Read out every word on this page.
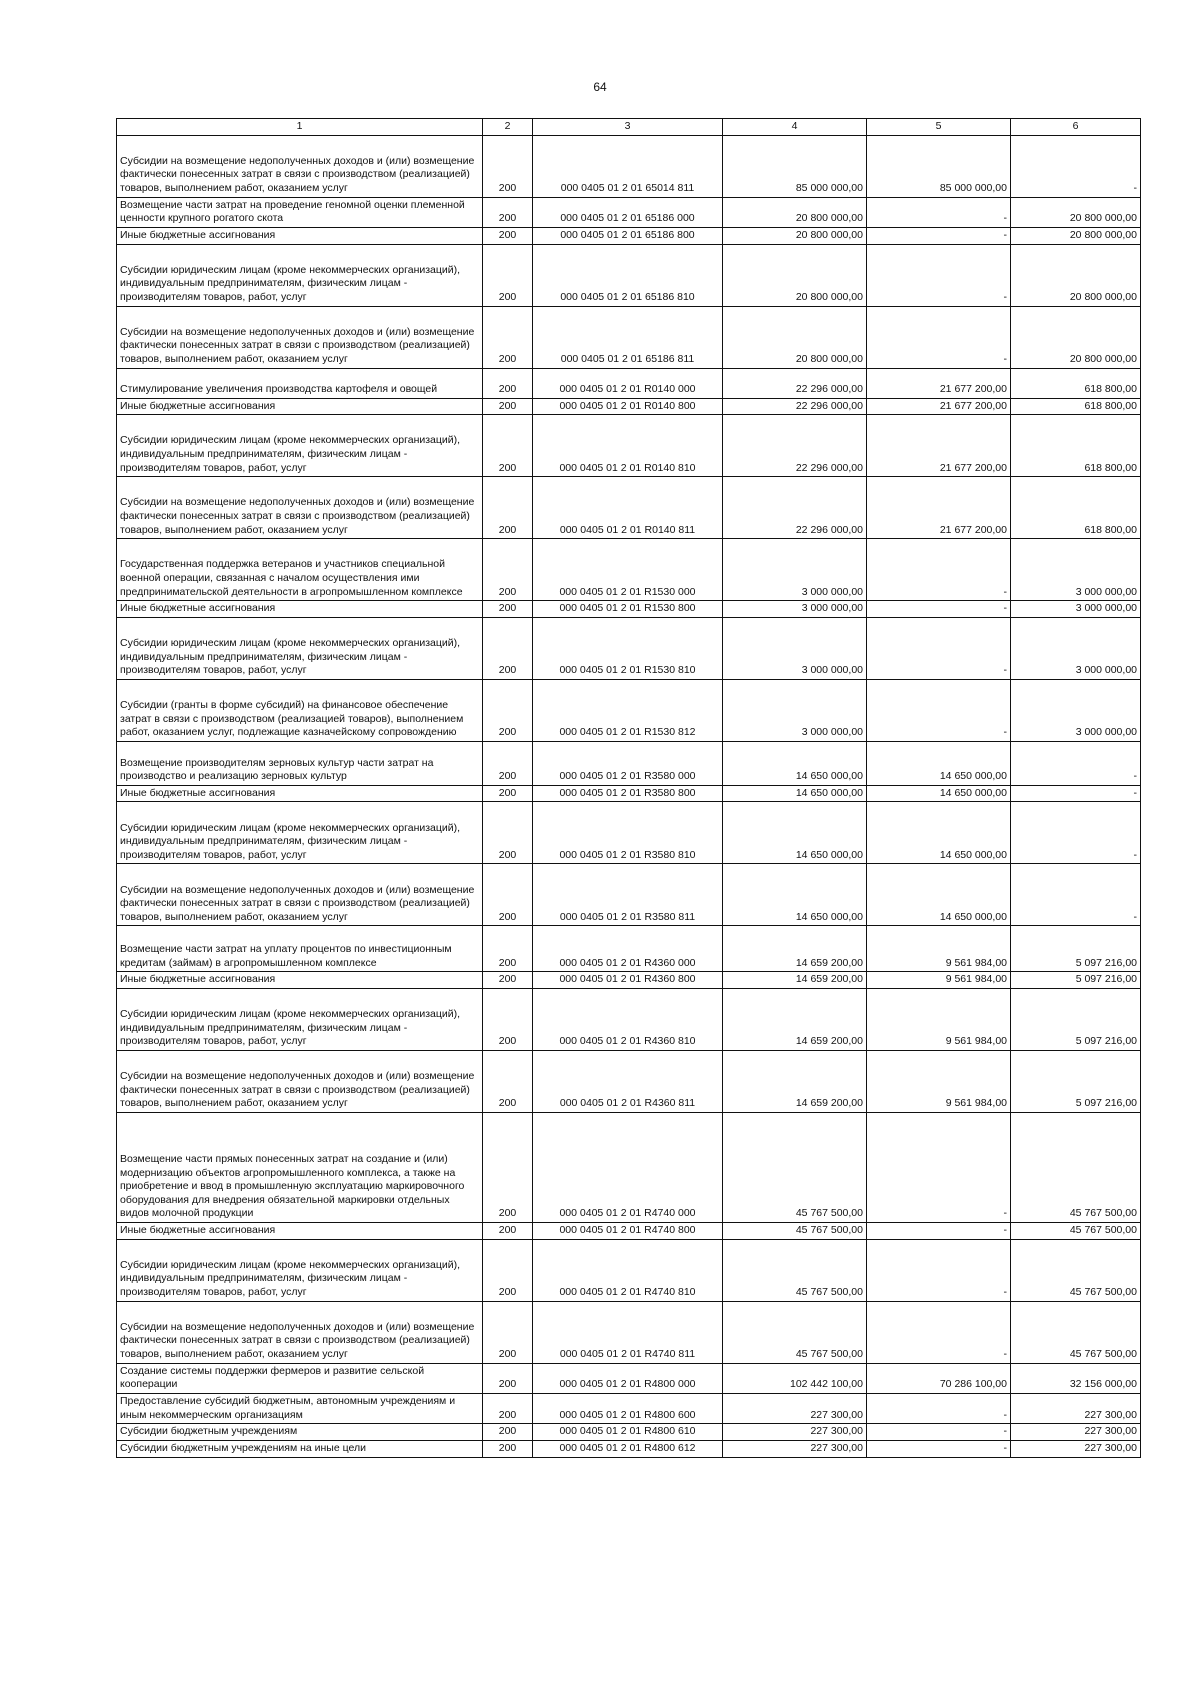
64
1	2	3	4	5	6
Субсидии на возмещение недополученных доходов и (или) возмещение фактически понесенных затрат в связи с производством (реализацией) товаров, выполнением работ, оказанием услуг	200	000 0405 01 2 01 65014 811	85 000 000,00	85 000 000,00	-
Возмещение части затрат на проведение геномной оценки племенной ценности крупного рогатого скота	200	000 0405 01 2 01 65186 000	20 800 000,00	-	20 800 000,00
Иные бюджетные ассигнования	200	000 0405 01 2 01 65186 800	20 800 000,00	-	20 800 000,00
Субсидии юридическим лицам (кроме некоммерческих организаций), индивидуальным предпринимателям, физическим лицам - производителям товаров, работ, услуг	200	000 0405 01 2 01 65186 810	20 800 000,00	-	20 800 000,00
Субсидии на возмещение недополученных доходов и (или) возмещение фактически понесенных затрат в связи с производством (реализацией) товаров, выполнением работ, оказанием услуг	200	000 0405 01 2 01 65186 811	20 800 000,00	-	20 800 000,00
Стимулирование увеличения производства картофеля и овощей	200	000 0405 01 2 01 R0140 000	22 296 000,00	21 677 200,00	618 800,00
Иные бюджетные ассигнования	200	000 0405 01 2 01 R0140 800	22 296 000,00	21 677 200,00	618 800,00
Субсидии юридическим лицам (кроме некоммерческих организаций), индивидуальным предпринимателям, физическим лицам - производителям товаров, работ, услуг	200	000 0405 01 2 01 R0140 810	22 296 000,00	21 677 200,00	618 800,00
Субсидии на возмещение недополученных доходов и (или) возмещение фактически понесенных затрат в связи с производством (реализацией) товаров, выполнением работ, оказанием услуг	200	000 0405 01 2 01 R0140 811	22 296 000,00	21 677 200,00	618 800,00
Государственная поддержка ветеранов и участников специальной военной операции, связанная с началом осуществления ими предпринимательской деятельности в агропромышленном комплексе	200	000 0405 01 2 01 R1530 000	3 000 000,00	-	3 000 000,00
Иные бюджетные ассигнования	200	000 0405 01 2 01 R1530 800	3 000 000,00	-	3 000 000,00
Субсидии юридическим лицам (кроме некоммерческих организаций), индивидуальным предпринимателям, физическим лицам - производителям товаров, работ, услуг	200	000 0405 01 2 01 R1530 810	3 000 000,00	-	3 000 000,00
Субсидии (гранты в форме субсидий) на финансовое обеспечение затрат в связи с производством (реализацией товаров), выполнением работ, оказанием услуг, подлежащие казначейскому сопровождению	200	000 0405 01 2 01 R1530 812	3 000 000,00	-	3 000 000,00
Возмещение производителям зерновых культур части затрат на производство и реализацию зерновых культур	200	000 0405 01 2 01 R3580 000	14 650 000,00	14 650 000,00	-
Иные бюджетные ассигнования	200	000 0405 01 2 01 R3580 800	14 650 000,00	14 650 000,00	-
Субсидии юридическим лицам (кроме некоммерческих организаций), индивидуальным предпринимателям, физическим лицам - производителям товаров, работ, услуг	200	000 0405 01 2 01 R3580 810	14 650 000,00	14 650 000,00	-
Субсидии на возмещение недополученных доходов и (или) возмещение фактически понесенных затрат в связи с производством (реализацией) товаров, выполнением работ, оказанием услуг	200	000 0405 01 2 01 R3580 811	14 650 000,00	14 650 000,00	-
Возмещение части затрат на уплату процентов по инвестиционным кредитам (займам) в агропромышленном комплексе	200	000 0405 01 2 01 R4360 000	14 659 200,00	9 561 984,00	5 097 216,00
Иные бюджетные ассигнования	200	000 0405 01 2 01 R4360 800	14 659 200,00	9 561 984,00	5 097 216,00
Субсидии юридическим лицам (кроме некоммерческих организаций), индивидуальным предпринимателям, физическим лицам - производителям товаров, работ, услуг	200	000 0405 01 2 01 R4360 810	14 659 200,00	9 561 984,00	5 097 216,00
Субсидии на возмещение недополученных доходов и (или) возмещение фактически понесенных затрат в связи с производством (реализацией) товаров, выполнением работ, оказанием услуг	200	000 0405 01 2 01 R4360 811	14 659 200,00	9 561 984,00	5 097 216,00
Возмещение части прямых понесенных затрат на создание и (или) модернизацию объектов агропромышленного комплекса, а также на приобретение и ввод в промышленную эксплуатацию маркировочного оборудования для внедрения обязательной маркировки отдельных видов молочной продукции	200	000 0405 01 2 01 R4740 000	45 767 500,00	-	45 767 500,00
Иные бюджетные ассигнования	200	000 0405 01 2 01 R4740 800	45 767 500,00	-	45 767 500,00
Субсидии юридическим лицам (кроме некоммерческих организаций), индивидуальным предпринимателям, физическим лицам - производителям товаров, работ, услуг	200	000 0405 01 2 01 R4740 810	45 767 500,00	-	45 767 500,00
Субсидии на возмещение недополученных доходов и (или) возмещение фактически понесенных затрат в связи с производством (реализацией) товаров, выполнением работ, оказанием услуг	200	000 0405 01 2 01 R4740 811	45 767 500,00	-	45 767 500,00
Создание системы поддержки фермеров и развитие сельской кооперации	200	000 0405 01 2 01 R4800 000	102 442 100,00	70 286 100,00	32 156 000,00
Предоставление субсидий бюджетным, автономным учреждениям и иным некоммерческим организациям	200	000 0405 01 2 01 R4800 600	227 300,00	-	227 300,00
Субсидии бюджетным учреждениям	200	000 0405 01 2 01 R4800 610	227 300,00	-	227 300,00
Субсидии бюджетным учреждениям на иные цели	200	000 0405 01 2 01 R4800 612	227 300,00	-	227 300,00
